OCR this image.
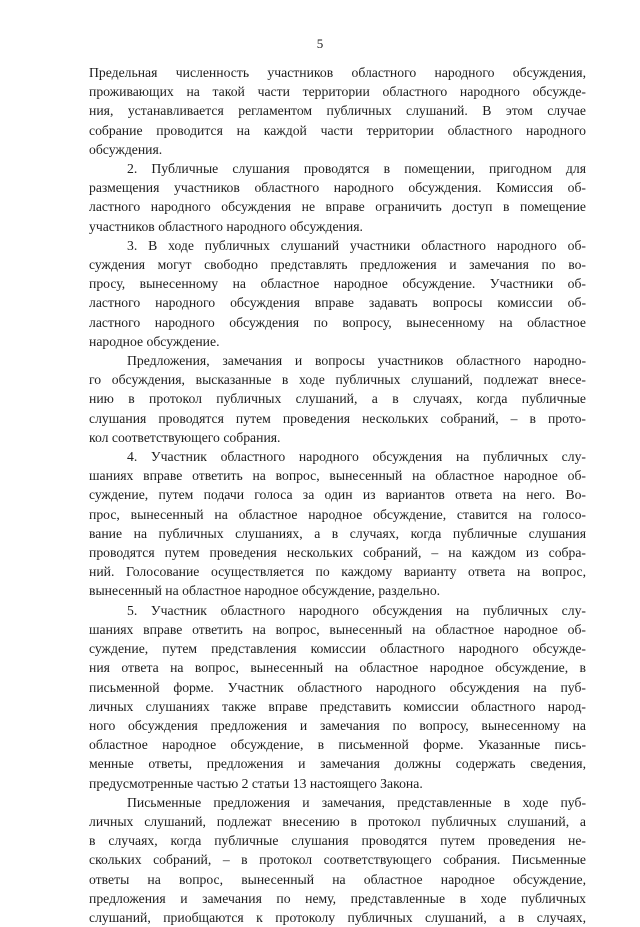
5

Предельная численность участников областного народного обсуждения,
проживающих на такой части территории областного народного обсужде-
ния, устанавливается регламентом публичных слушаний. В этом случае
собрание проводится на каждой части территории областного народного
обсуждения.

2. Публичные слушания проводятся в помещении, пригодном для
размещения участников областного народного обсуждения. Комиссия об-
ластного народного обсуждения не вправе ограничить доступ в помещение
участников областного народного обсуждения.

3. В ходе публичных слушаний участники областного народного об-
суждения могут свободно представлять предложения и замечания по во-
просу, вынесенному на областное народное обсуждение. Участники об-
ластного народного обсуждения вправе задавать вопросы комиссии об-
ластного народного обсуждения по вопросу, вынесенному на областное
народное обсуждение.

Предложения, замечания и вопросы участников областного народно-
го обсуждения, высказанные в ходе публичных слушаний, подлежат внесе-
нию в протокол публичных слушаний, а в случаях, когда публичные
слушания проводятся путем проведения нескольких собраний, – в прото-
кол соответствующего собрания.

4. Участник областного народного обсуждения на публичных слу-
шаниях вправе ответить на вопрос, вынесенный на областное народное об-
суждение, путем подачи голоса за один из вариантов ответа на него. Во-
прос, вынесенный на областное народное обсуждение, ставится на голосо-
вание на публичных слушаниях, а в случаях, когда публичные слушания
проводятся путем проведения нескольких собраний, – на каждом из собра-
ний. Голосование осуществляется по каждому варианту ответа на вопрос,
вынесенный на областное народное обсуждение, раздельно.

5. Участник областного народного обсуждения на публичных слу-
шаниях вправе ответить на вопрос, вынесенный на областное народное об-
суждение, путем представления комиссии областного народного обсужде-
ния ответа на вопрос, вынесенный на областное народное обсуждение, в
письменной форме. Участник областного народного обсуждения на пуб-
личных слушаниях также вправе представить комиссии областного народ-
ного обсуждения предложения и замечания по вопросу, вынесенному на
областное народное обсуждение, в письменной форме. Указанные пись-
менные ответы, предложения и замечания должны содержать сведения,
предусмотренные частью 2 статьи 13 настоящего Закона.

Письменные предложения и замечания, представленные в ходе пуб-
личных слушаний, подлежат внесению в протокол публичных слушаний, а
в случаях, когда публичные слушания проводятся путем проведения не-
скольких собраний, – в протокол соответствующего собрания. Письменные
ответы на вопрос, вынесенный на областное народное обсуждение,
предложения и замечания по нему, представленные в ходе публичных
слушаний, приобщаются к протоколу публичных слушаний, а в случаях,
